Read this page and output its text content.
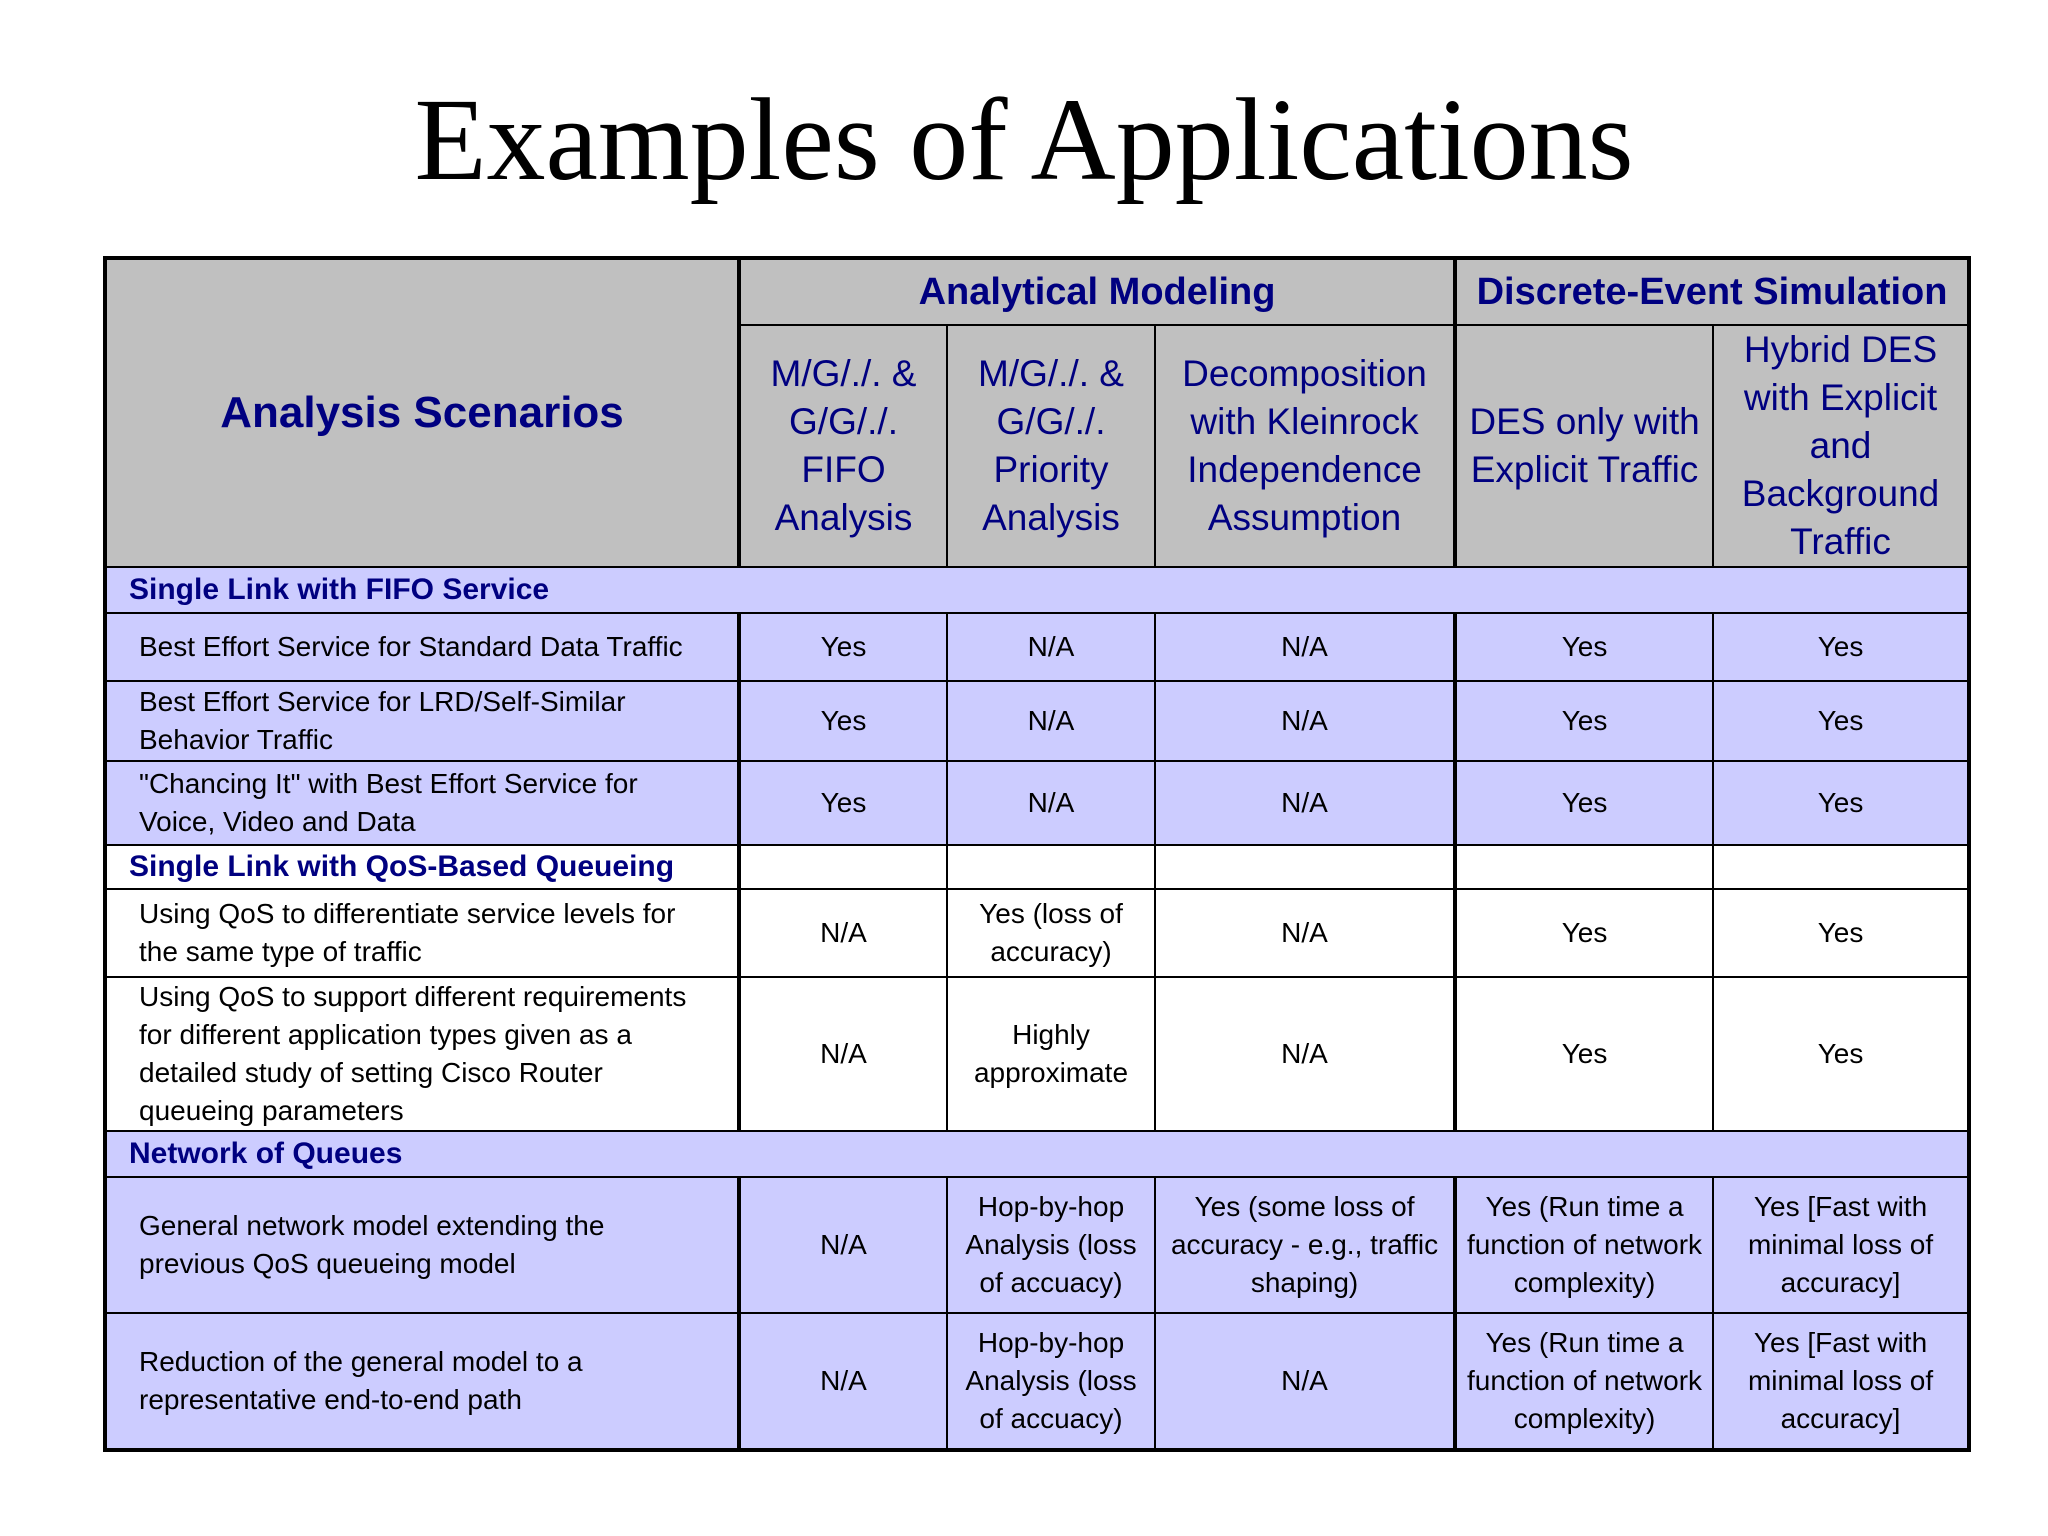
Examples of Applications
Analysis Scenarios	Analytical Modeling			Discrete-Event Simulation	
	M/G/./. &
G/G/./.
FIFO
Analysis	M/G/./. &
G/G/./.
Priority
Analysis	Decomposition
with Kleinrock
Independence
Assumption	DES only with
Explicit Traffic	Hybrid DES
with Explicit
and
Background
Traffic
Single Link with FIFO Service					
Best Effort Service for Standard Data Traffic	Yes	N/A	N/A	Yes	Yes
Best Effort Service for LRD/Self-Similar
Behavior Traffic	Yes	N/A	N/A	Yes	Yes
"Chancing It" with Best Effort Service for
Voice, Video and Data	Yes	N/A	N/A	Yes	Yes
Single Link with QoS-Based Queueing					
Using QoS to differentiate service levels for
the same type of traffic	N/A	Yes (loss of
accuracy)	N/A	Yes	Yes
Using QoS to support different requirements
for different application types given as a
detailed study of setting Cisco Router
queueing parameters	N/A	Highly
approximate	N/A	Yes	Yes
Network of Queues					
General network model extending the
previous QoS queueing model	N/A	Hop-by-hop
Analysis (loss
of accuacy)	Yes (some loss of
accuracy - e.g., traffic
shaping)	Yes (Run time a
function of network
complexity)	Yes [Fast with
minimal loss of
accuracy]
Reduction of the general model to a
representative end-to-end path	N/A	Hop-by-hop
Analysis (loss
of accuacy)	N/A	Yes (Run time a
function of network
complexity)	Yes [Fast with
minimal loss of
accuracy]
